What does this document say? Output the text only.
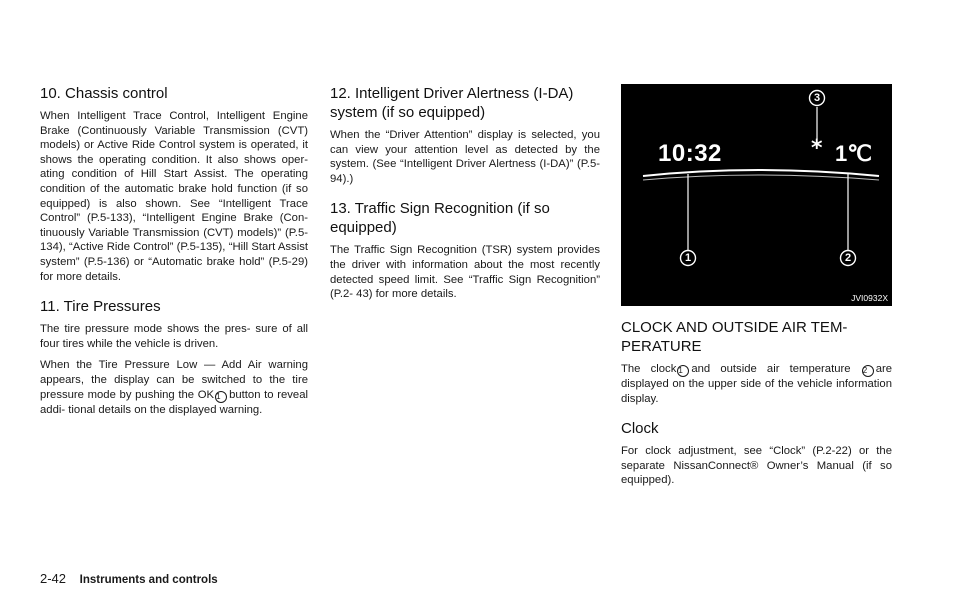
10. Chassis control

When Intelligent Trace Control, Intelligent Engine Brake (Continuously Variable Transmission (CVT) models) or Active Ride Control system is operated, it shows the operating condition. It also shows oper- ating condition of Hill Start Assist. The operating condition of the automatic brake hold function (if so equipped) is also shown. See “Intelligent Trace Control” (P.5-133), “Intelligent Engine Brake (Con- tinuously Variable Transmission (CVT) models)” (P.5-134), “Active Ride Control” (P.5-135), “Hill Start Assist system” (P.5-136) or “Automatic brake hold” (P.5-29) for more details.

11. Tire Pressures

The tire pressure mode shows the pres- sure of all four tires while the vehicle is driven.

When the Tire Pressure Low — Add Air warning appears, the display can be switched to the tire pressure mode by pushing the OK 1 button to reveal addi- tional details on the displayed warning.

12. Intelligent Driver Alertness (I-DA) system (if so equipped)

When the “Driver Attention” display is selected, you can view your attention level as detected by the system. (See “Intelligent Driver Alertness (I-DA)” (P.5- 94).)

13. Traffic Sign Recognition (if so equipped)

The Traffic Sign Recognition (TSR) system provides the driver with information about the most recently detected speed limit. See “Traffic Sign Recognition” (P.2- 43) for more details.

10:32	* 1℃
1	2
3
JVI0932X
CLOCK AND OUTSIDE AIR TEM- PERATURE

The clock 1 and outside air temperature 2 are displayed on the upper side of the vehicle information display.

Clock

For clock adjustment, see “Clock” (P.2-22) or the separate NissanConnect® Owner’s Manual (if so equipped).

2-42 Instruments and controls
